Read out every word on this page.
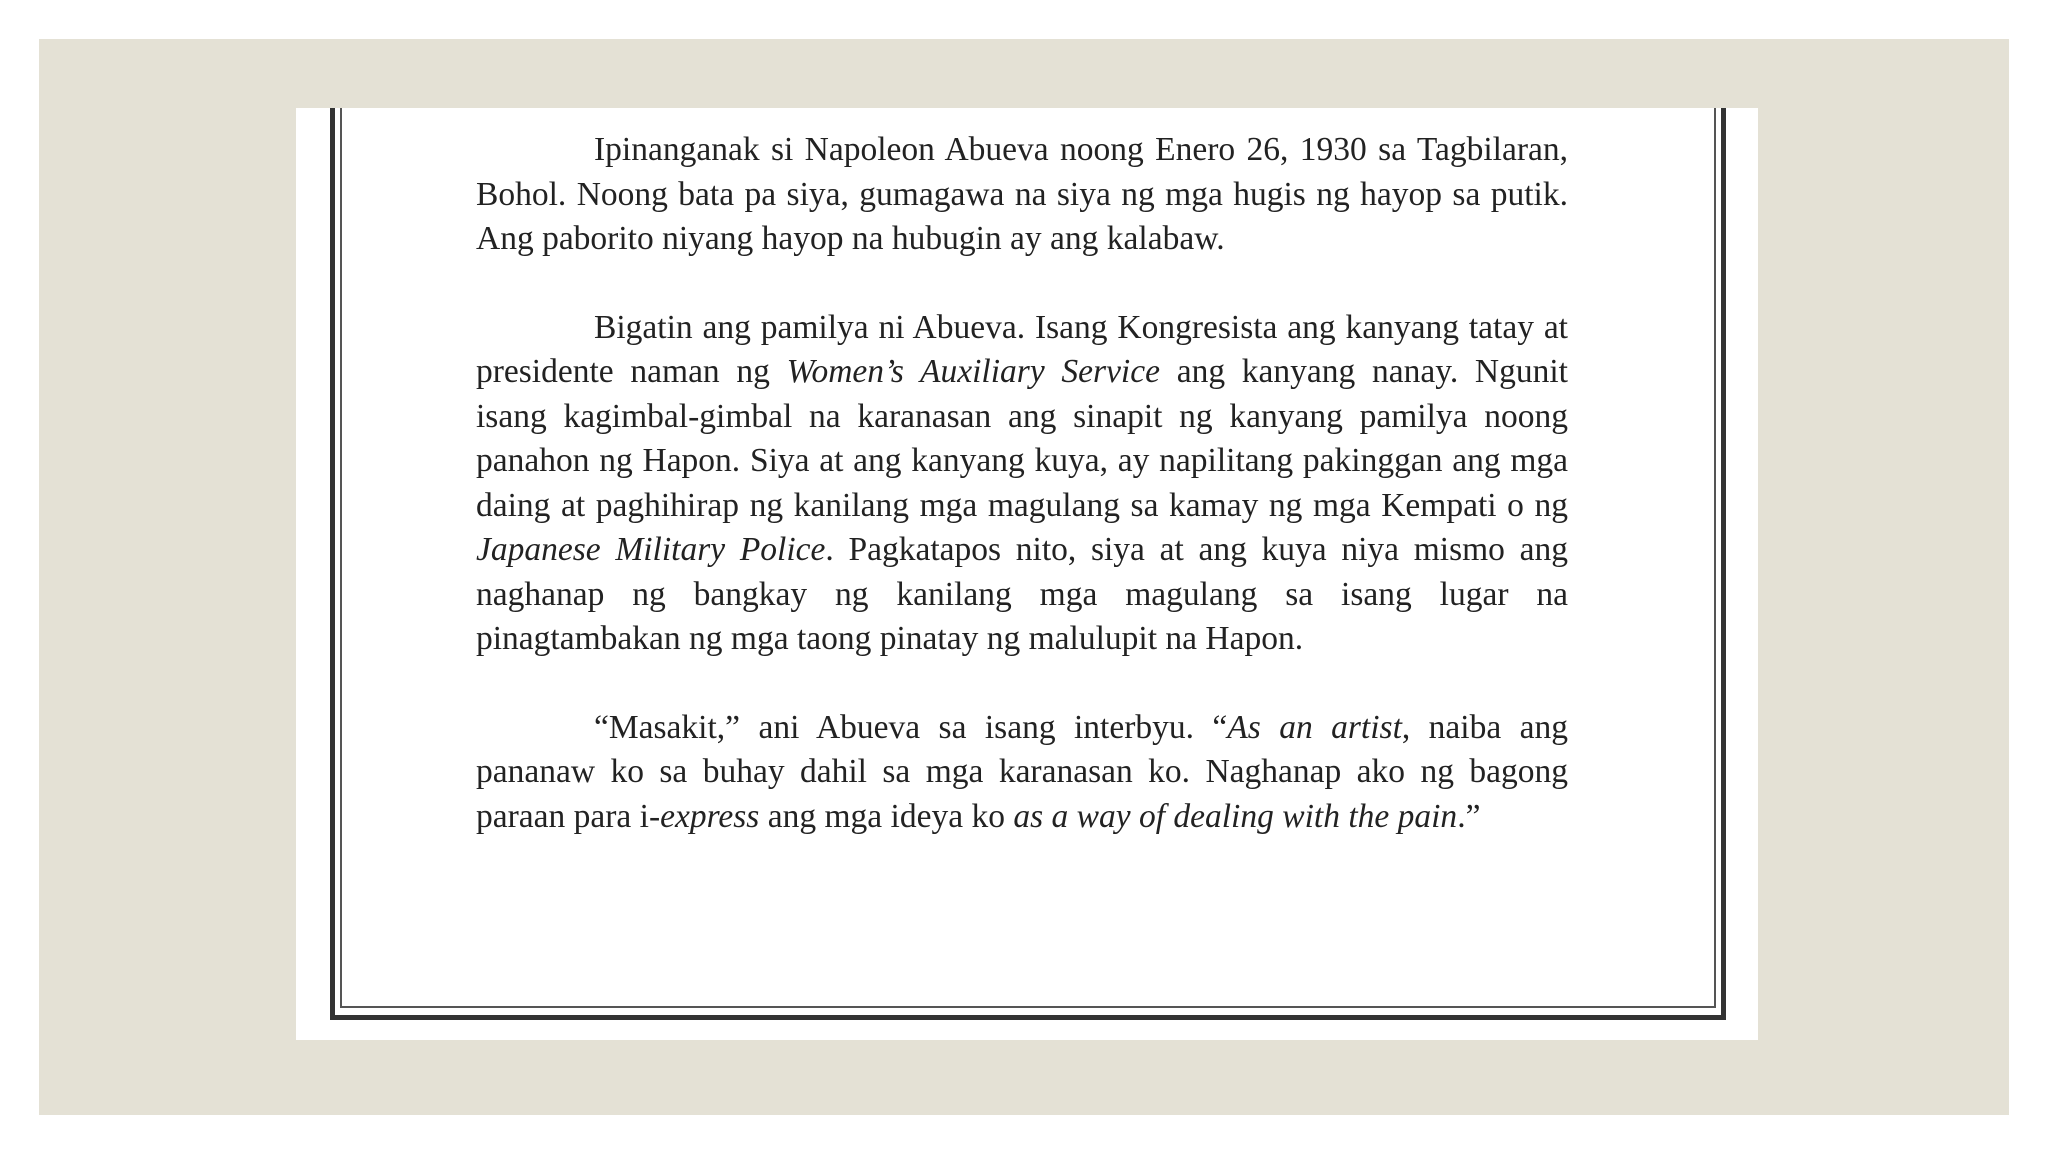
Ipinanganak si Napoleon Abueva noong Enero 26, 1930 sa Tagbilaran, Bohol. Noong bata pa siya, gumagawa na siya ng mga hugis ng hayop sa putik. Ang paborito niyang hayop na hubugin ay ang kalabaw.

Bigatin ang pamilya ni Abueva. Isang Kongresista ang kanyang tatay at presidente naman ng Women’s Auxiliary Service ang kanyang nanay. Ngunit isang kagimbal-gimbal na karanasan ang sinapit ng kanyang pamilya noong panahon ng Hapon. Siya at ang kanyang kuya, ay napilitang pakinggan ang mga daing at paghihirap ng kanilang mga magulang sa kamay ng mga Kempati o ng Japanese Military Police. Pagkatapos nito, siya at ang kuya niya mismo ang naghanap ng bangkay ng kanilang mga magulang sa isang lugar na pinagtambakan ng mga taong pinatay ng malulupit na Hapon.

“Masakit,” ani Abueva sa isang interbyu. “As an artist, naiba ang pananaw ko sa buhay dahil sa mga karanasan ko. Naghanap ako ng bagong paraan para i-express ang mga ideya ko as a way of dealing with the pain.”
